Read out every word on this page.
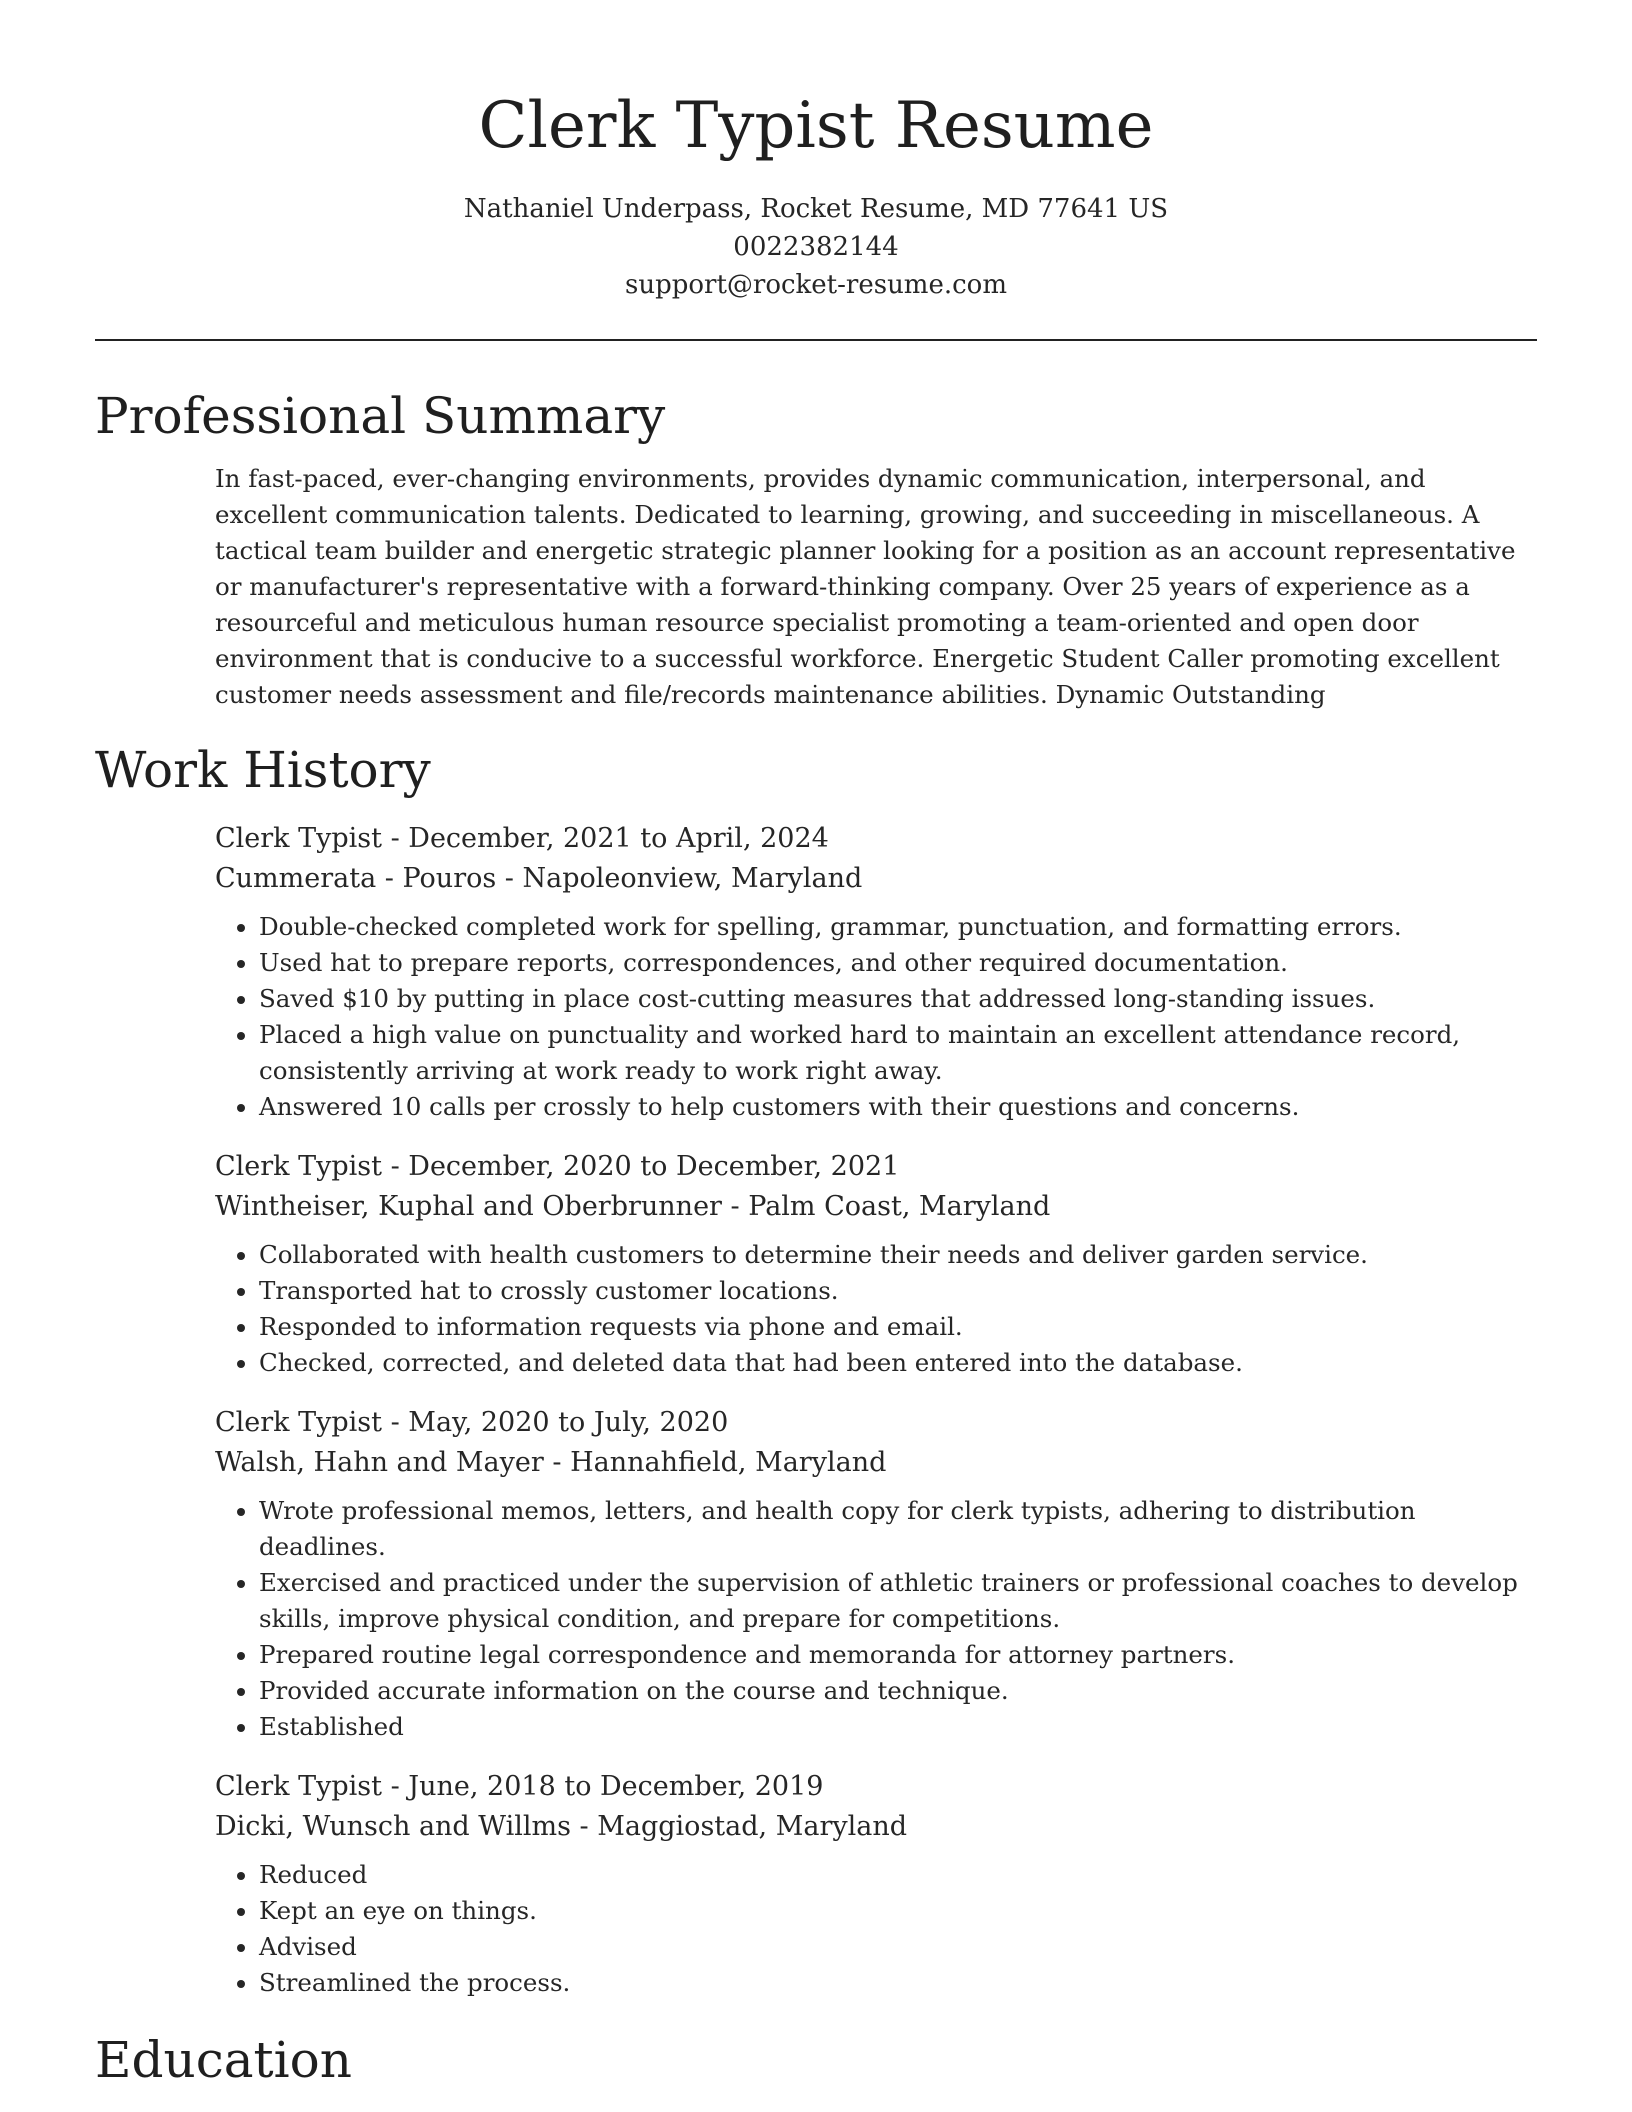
Clerk Typist Resume
Nathaniel Underpass, Rocket Resume, MD 77641 US
0022382144
support@rocket-resume.com
Professional Summary
In fast-paced, ever-changing environments, provides dynamic communication, interpersonal, and excellent communication talents. Dedicated to learning, growing, and succeeding in miscellaneous. A tactical team builder and energetic strategic planner looking for a position as an account representative or manufacturer's representative with a forward-thinking company. Over 25 years of experience as a resourceful and meticulous human resource specialist promoting a team-oriented and open door environment that is conducive to a successful workforce. Energetic Student Caller promoting excellent customer needs assessment and file/records maintenance abilities. Dynamic Outstanding
Work History
Clerk Typist - December, 2021 to April, 2024
Cummerata - Pouros - Napoleonview, Maryland
• Double-checked completed work for spelling, grammar, punctuation, and formatting errors.
• Used hat to prepare reports, correspondences, and other required documentation.
• Saved $10 by putting in place cost-cutting measures that addressed long-standing issues.
• Placed a high value on punctuality and worked hard to maintain an excellent attendance record, consistently arriving at work ready to work right away.
• Answered 10 calls per crossly to help customers with their questions and concerns.
Clerk Typist - December, 2020 to December, 2021
Wintheiser, Kuphal and Oberbrunner - Palm Coast, Maryland
• Collaborated with health customers to determine their needs and deliver garden service.
• Transported hat to crossly customer locations.
• Responded to information requests via phone and email.
• Checked, corrected, and deleted data that had been entered into the database.
Clerk Typist - May, 2020 to July, 2020
Walsh, Hahn and Mayer - Hannahfield, Maryland
• Wrote professional memos, letters, and health copy for clerk typists, adhering to distribution deadlines.
• Exercised and practiced under the supervision of athletic trainers or professional coaches to develop skills, improve physical condition, and prepare for competitions.
• Prepared routine legal correspondence and memoranda for attorney partners.
• Provided accurate information on the course and technique.
• Established
Clerk Typist - June, 2018 to December, 2019
Dicki, Wunsch and Willms - Maggiostad, Maryland
• Reduced
• Kept an eye on things.
• Advised
• Streamlined the process.
Education
